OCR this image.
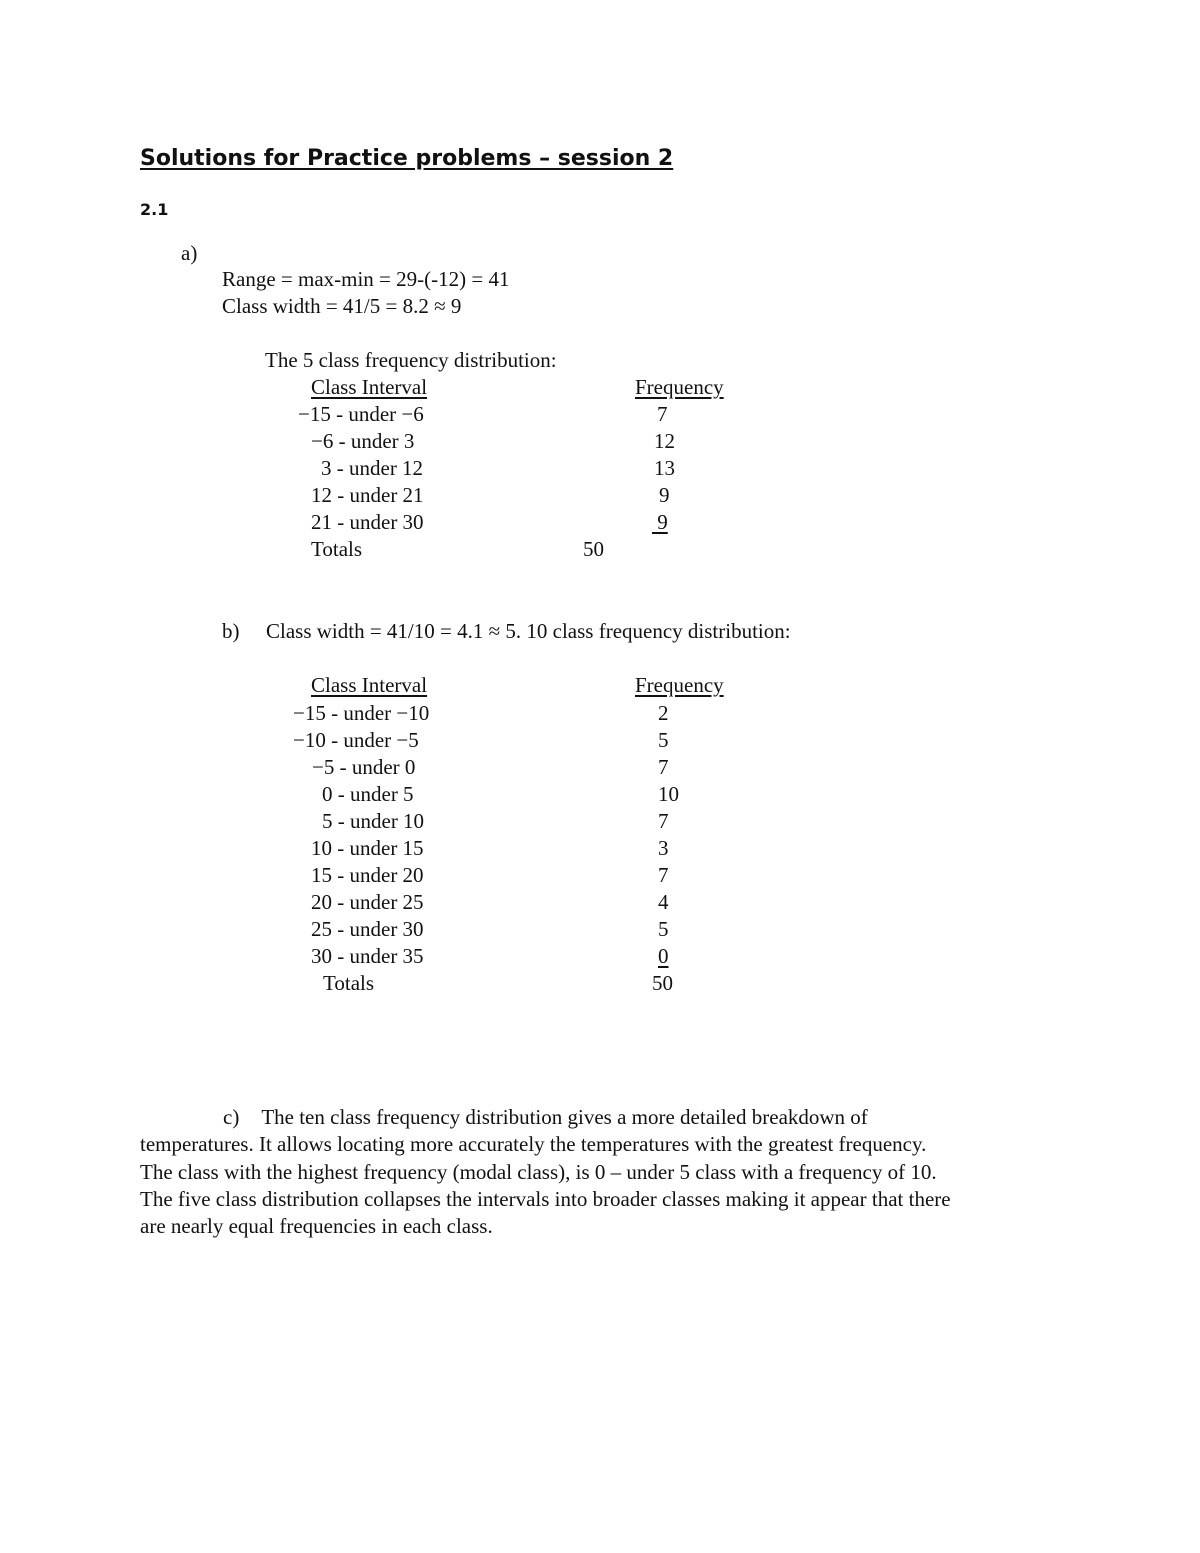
Solutions for Practice problems – session 2
2.1
a)
Range = max-min = 29-(-12) = 41
Class width = 41/5 = 8.2 ≈ 9
The 5 class frequency distribution:
Class Interval	Frequency
−15 - under −6	7
−6 - under 3	12
3 - under 12	13
12 - under 21	9
21 - under 30	9
Totals	50
b) Class width = 41/10 = 4.1 ≈ 5. 10 class frequency distribution:
Class Interval	Frequency
−15 - under −10	2
−10 - under −5	5
−5 - under 0	7
0 - under 5	10
5 - under 10	7
10 - under 15	3
15 - under 20	7
20 - under 25	4
25 - under 30	5
30 - under 35	0
Totals	50
c) The ten class frequency distribution gives a more detailed breakdown of
temperatures. It allows locating more accurately the temperatures with the greatest frequency.
The class with the highest frequency (modal class), is 0 – under 5 class with a frequency of 10.
The five class distribution collapses the intervals into broader classes making it appear that there
are nearly equal frequencies in each class.
